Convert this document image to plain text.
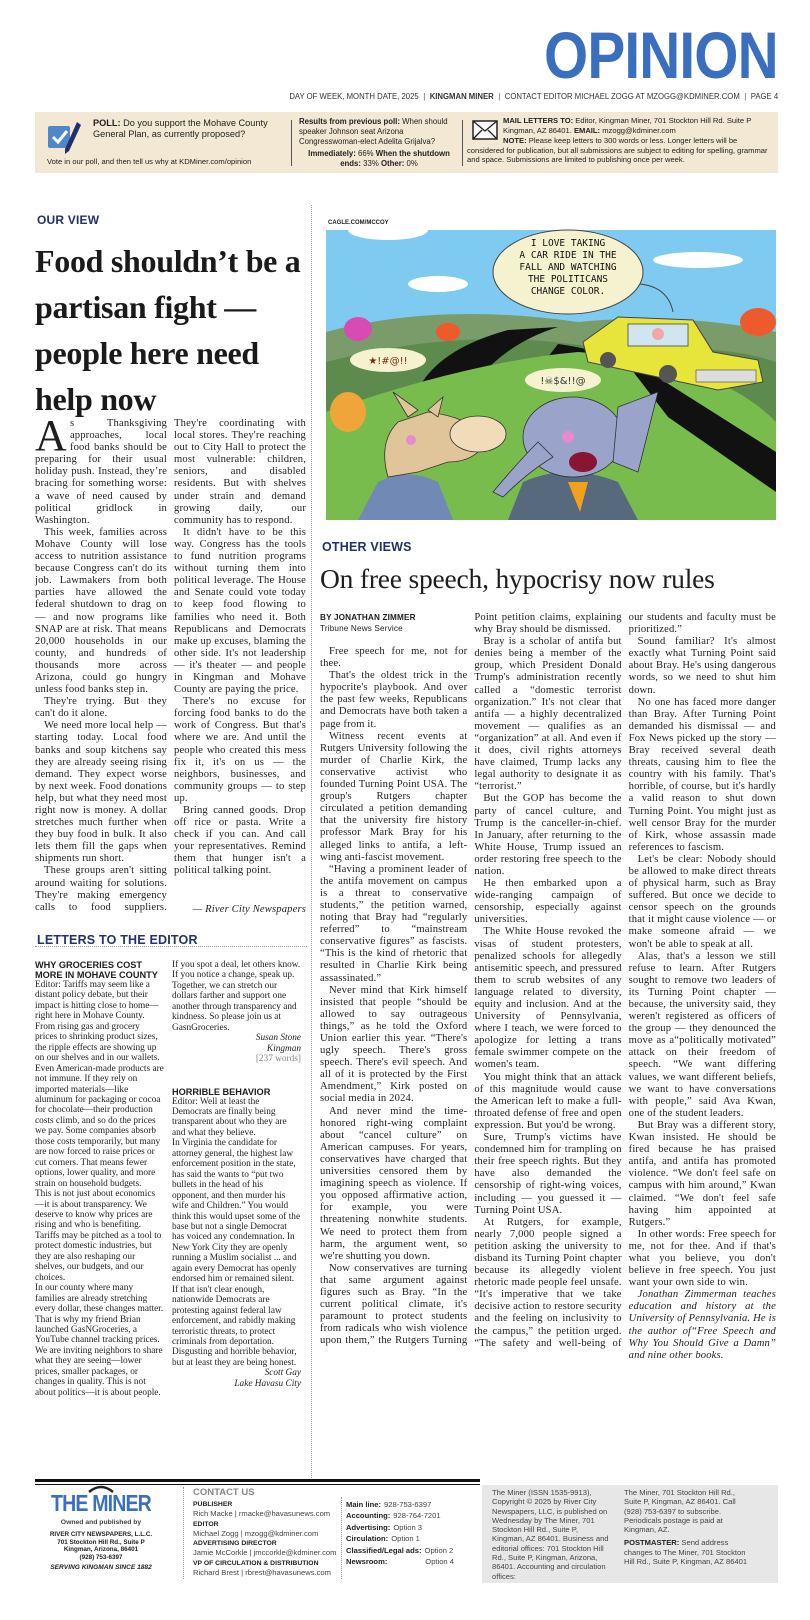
OPINION
DAY OF WEEK, MONTH DATE, 2025 | KINGMAN MINER | CONTACT EDITOR MICHAEL ZOGG AT MZOGG@KDMINER.COM | PAGE 4
POLL: Do you support the Mohave County General Plan, as currently proposed?
Vote in our poll, and then tell us why at KDMiner.com/opinion
Results from previous poll: When should speaker Johnson seat Arizona Congresswoman-elect Adelita Grijalva?
Immediately: 66% When the shutdown ends: 33% Other: 0%
MAIL LETTERS TO: Editor, Kingman Miner, 701 Stockton Hill Rd. Suite P Kingman, AZ 86401. EMAIL: mzogg@kdminer.com
NOTE: Please keep letters to 300 words or less. Longer letters will be considered for publication, but all submissions are subject to editing for spelling, grammar and space. Submissions are limited to publishing once per week.
OUR VIEW
Food shouldn’t be a partisan fight — people here need help now

As Thanksgiving approaches, local food banks should be preparing for their usual holiday push. Instead, they’re bracing for something worse: a wave of need caused by political gridlock in Washington.

This week, families across Mohave County will lose access to nutrition assistance because Congress can't do its job. Lawmakers from both parties have allowed the federal shutdown to drag on — and now programs like SNAP are at risk. That means 20,000 households in our county, and hundreds of thousands more across Arizona, could go hungry unless food banks step in.

They're trying. But they can't do it alone.

We need more local help — starting today. Local food banks and soup kitchens say they are already seeing rising demand. They expect worse by next week. Food donations help, but what they need most right now is money. A dollar stretches much further when they buy food in bulk. It also lets them fill the gaps when shipments run short.

These groups aren't sitting around waiting for solutions. They're making emergency calls to food suppliers. They're coordinating with local stores. They're reaching out to City Hall to protect the most vulnerable: children, seniors, and disabled residents. But with shelves under strain and demand growing daily, our community has to respond.

It didn't have to be this way. Congress has the tools to fund nutrition programs without turning them into political leverage. The House and Senate could vote today to keep food flowing to families who need it. Both Republicans and Democrats make up excuses, blaming the other side. It's not leadership — it's theater — and people in Kingman and Mohave County are paying the price.

There's no excuse for forcing food banks to do the work of Congress. But that's where we are. And until the people who created this mess fix it, it's on us — the neighbors, businesses, and community groups — to step up.

Bring canned goods. Drop off rice or pasta. Write a check if you can. And call your representatives. Remind them that hunger isn't a political talking point.

— River City Newspapers

LETTERS TO THE EDITOR
WHY GROCERIES COST MORE IN MOHAVE COUNTY
Editor: Tariffs may seem like a distant policy debate, but their impact is hitting close to home—right here in Mohave County. From rising gas and grocery prices to shrinking product sizes, the ripple effects are showing up on our shelves and in our wallets.
Even American-made products are not immune. If they rely on imported materials—like aluminum for packaging or cocoa for chocolate—their production costs climb, and so do the prices we pay. Some companies absorb those costs temporarily, but many are now forced to raise prices or cut corners. That means fewer options, lower quality, and more strain on household budgets.
This is not just about economics—it is about transparency. We deserve to know why prices are rising and who is benefiting. Tariffs may be pitched as a tool to protect domestic industries, but they are also reshaping our shelves, our budgets, and our choices.
In our county where many families are already stretching every dollar, these changes matter.
That is why my friend Brian launched GasNGroceries, a YouTube channel tracking prices. We are inviting neighbors to share what they are seeing—lower prices, smaller packages, or changes in quality. This is not about politics—it is about people. If you spot a deal, let others know. If you notice a change, speak up. Together, we can stretch our dollars farther and support one another through transparency and kindness. So please join us at GasnGroceries.
Susan Stone
Kingman
[237 words]
HORRIBLE BEHAVIOR
Editor: Well at least the Democrats are finally being transparent about who they are and what they believe.
In Virginia the candidate for attorney general, the highest law enforcement position in the state, has said the wants to “put two bullets in the head of his opponent, and then murder his wife and Children.” You would think this would upset some of the base but not a single Democrat has voiced any condemnation. In New York City they are openly running a Muslim socialist ... and again every Democrat has openly endorsed him or remained silent. If that isn't clear enough, nationwide Democrats are protesting against federal law enforcement, and rabidly making terroristic threats, to protect criminals from deportation. Disgusting and horrible behavior, but at least they are being honest.
Scott Gay
Lake Havasu City
I LOVE TAKING A CAR RIDE IN THE FALL AND WATCHING THE POLITICANS CHANGE COLOR.
★!#@!!
!☠$&!!@
CAGLE.COM/MCCOY
OTHER VIEWS
On free speech, hypocrisy now rules

BY JONATHAN ZIMMER

Tribune News Service

Free speech for me, not for thee.

That's the oldest trick in the hypocrite's playbook. And over the past few weeks, Republicans and Democrats have both taken a page from it.

Witness recent events at Rutgers University following the murder of Charlie Kirk, the conservative activist who founded Turning Point USA. The group's Rutgers chapter circulated a petition demanding that the university fire history professor Mark Bray for his alleged links to antifa, a left-wing anti-fascist movement.

“Having a prominent leader of the antifa movement on campus is a threat to conservative students,” the petition warned, noting that Bray had “regularly referred” to “mainstream conservative figures” as fascists. “This is the kind of rhetoric that resulted in Charlie Kirk being assassinated.”

Never mind that Kirk himself insisted that people “should be allowed to say outrageous things,” as he told the Oxford Union earlier this year. “There's ugly speech. There's gross speech. There's evil speech. And all of it is protected by the First Amendment,” Kirk posted on social media in 2024.

And never mind the time-honored right-wing complaint about “cancel culture” on American campuses. For years, conservatives have charged that universities censored them by imagining speech as violence. If you opposed affirmative action, for example, you were threatening nonwhite students. We need to protect them from harm, the argument went, so we're shutting you down.

Now conservatives are turning that same argument against figures such as Bray. “In the current political climate, it's paramount to protect students from radicals who wish violence upon them,” the Rutgers Turning Point petition claims, explaining why Bray should be dismissed.

Bray is a scholar of antifa but denies being a member of the group, which President Donald Trump's administration recently called a “domestic terrorist organization.” It's not clear that antifa — a highly decentralized movement — qualifies as an “organization” at all. And even if it does, civil rights attorneys have claimed, Trump lacks any legal authority to designate it as “terrorist.”

But the GOP has become the party of cancel culture, and Trump is the canceller-in-chief. In January, after returning to the White House, Trump issued an order restoring free speech to the nation.

He then embarked upon a wide-ranging campaign of censorship, especially against universities.

The White House revoked the visas of student protesters, penalized schools for allegedly antisemitic speech, and pressured them to scrub websites of any language related to diversity, equity and inclusion. And at the University of Pennsylvania, where I teach, we were forced to apologize for letting a trans female swimmer compete on the women's team.

You might think that an attack of this magnitude would cause the American left to make a full-throated defense of free and open expression. But you'd be wrong.

Sure, Trump's victims have condemned him for trampling on their free speech rights. But they have also demanded the censorship of right-wing voices, including — you guessed it — Turning Point USA.

At Rutgers, for example, nearly 7,000 people signed a petition asking the university to disband its Turning Point chapter because its allegedly violent rhetoric made people feel unsafe. “It's imperative that we take decisive action to restore security and the feeling on inclusivity to the campus,” the petition urged. “The safety and well-being of our students and faculty must be prioritized.”

Sound familiar? It's almost exactly what Turning Point said about Bray. He's using dangerous words, so we need to shut him down.

No one has faced more danger than Bray. After Turning Point demanded his dismissal — and Fox News picked up the story — Bray received several death threats, causing him to flee the country with his family. That's horrible, of course, but it's hardly a valid reason to shut down Turning Point. You might just as well censor Bray for the murder of Kirk, whose assassin made references to fascism.

Let's be clear: Nobody should be allowed to make direct threats of physical harm, such as Bray suffered. But once we decide to censor speech on the grounds that it might cause violence — or make someone afraid — we won't be able to speak at all.

Alas, that's a lesson we still refuse to learn. After Rutgers sought to remove two leaders of its Turning Point chapter — because, the university said, they weren't registered as officers of the group — they denounced the move as a“politically motivated” attack on their freedom of speech. “We want differing values, we want different beliefs, we want to have conversations with people,” said Ava Kwan, one of the student leaders.

But Bray was a different story, Kwan insisted. He should be fired because he has praised antifa, and antifa has promoted violence. “We don't feel safe on campus with him around,” Kwan claimed. “We don't feel safe having him appointed at Rutgers.”

In other words: Free speech for me, not for thee. And if that's what you believe, you don't believe in free speech. You just want your own side to win.

Jonathan Zimmerman teaches education and history at the University of Pennsylvania. He is the author of“Free Speech and Why You Should Give a Damn” and nine other books.

THE MINER
Owned and published by
RIVER CITY NEWSPAPERS, L.L.C.
701 Stockton Hill Rd., Suite P
Kingman, Arizona, 86401
(928) 753-6397
SERVING KINGMAN SINCE 1882
CONTACT US
PUBLISHER
Rich Macke | rmacke@havasunews.com
EDITOR
Michael Zogg | mzogg@kdminer.com
ADVERTISING DIRECTOR
Jamie McCorkle | jmccorkle@kdminer.com
VP OF CIRCULATION & DISTRIBUTION
Richard Brest | rbrest@havasunews.com
Main line: 928-753-6397
Accounting: 928-764-7201
Advertising: Option 3
Circulation: Option 1
Classified/Legal ads: Option 2
Newsroom:	Option 4
The Miner (ISSN 1535-9913), Copyright © 2025 by River City Newspapers, LLC, is published on Wednesday by The Miner, 701 Stockton Hill Rd., Suite P, Kingman, AZ 86401. Business and editorial offices: 701 Stockton Hill Rd., Suite P, Kingman, Arizona, 86401. Accounting and circulation offices:
The Miner, 701 Stockton Hill Rd., Suite P, Kingman, AZ 86401. Call (928) 753-6397 to subscribe. Periodicals postage is paid at Kingman, AZ.
POSTMASTER: Send address changes to The Miner, 701 Stockton Hill Rd., Suite P, Kingman, AZ 86401
